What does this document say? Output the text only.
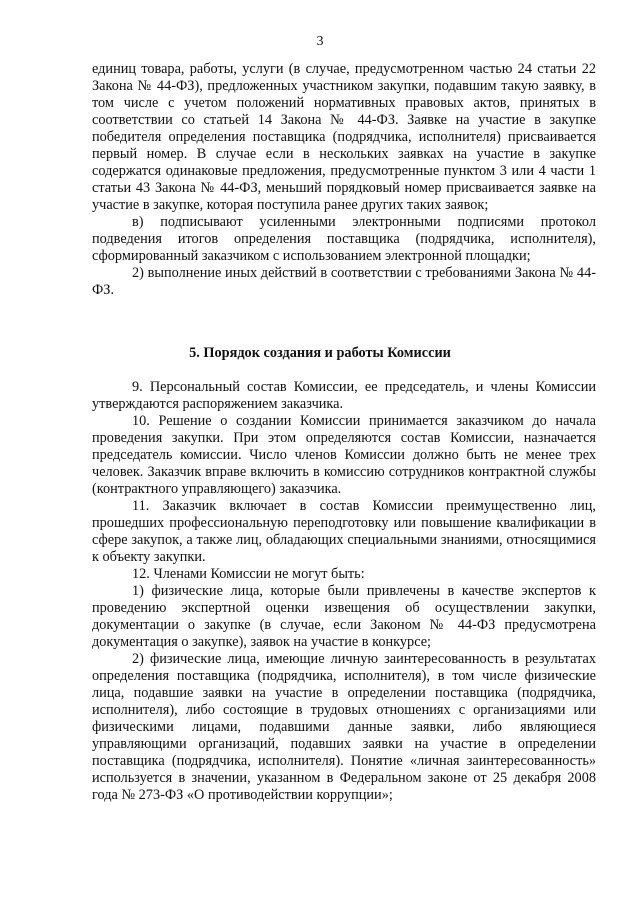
3

единиц товара, работы, услуги (в случае, предусмотренном частью 24 статьи 22 Закона № 44-ФЗ), предложенных участником закупки, подавшим такую заявку, в том числе с учетом положений нормативных правовых актов, принятых в соответствии со статьей 14 Закона № 44-ФЗ. Заявке на участие в закупке победителя определения поставщика (подрядчика, исполнителя) присваивается первый номер. В случае если в нескольких заявках на участие в закупке содержатся одинаковые предложения, предусмотренные пунктом 3 или 4 части 1 статьи 43 Закона № 44-ФЗ, меньший порядковый номер присваивается заявке на участие в закупке, которая поступила ранее других таких заявок;

в) подписывают усиленными электронными подписями протокол подведения итогов определения поставщика (подрядчика, исполнителя), сформированный заказчиком с использованием электронной площадки;

2) выполнение иных действий в соответствии с требованиями Закона № 44-ФЗ.

5. Порядок создания и работы Комиссии

9. Персональный состав Комиссии, ее председатель, и члены Комиссии утверждаются распоряжением заказчика.

10. Решение о создании Комиссии принимается заказчиком до начала проведения закупки. При этом определяются состав Комиссии, назначается председатель комиссии. Число членов Комиссии должно быть не менее трех человек. Заказчик вправе включить в комиссию сотрудников контрактной службы (контрактного управляющего) заказчика.

11. Заказчик включает в состав Комиссии преимущественно лиц, прошедших профессиональную переподготовку или повышение квалификации в сфере закупок, а также лиц, обладающих специальными знаниями, относящимися к объекту закупки.

12. Членами Комиссии не могут быть:

1) физические лица, которые были привлечены в качестве экспертов к проведению экспертной оценки извещения об осуществлении закупки, документации о закупке (в случае, если Законом № 44-ФЗ предусмотрена документация о закупке), заявок на участие в конкурсе;

2) физические лица, имеющие личную заинтересованность в результатах определения поставщика (подрядчика, исполнителя), в том числе физические лица, подавшие заявки на участие в определении поставщика (подрядчика, исполнителя), либо состоящие в трудовых отношениях с организациями или физическими лицами, подавшими данные заявки, либо являющиеся управляющими организаций, подавших заявки на участие в определении поставщика (подрядчика, исполнителя). Понятие «личная заинтересованность» используется в значении, указанном в Федеральном законе от 25 декабря 2008 года № 273-ФЗ «О противодействии коррупции»;
